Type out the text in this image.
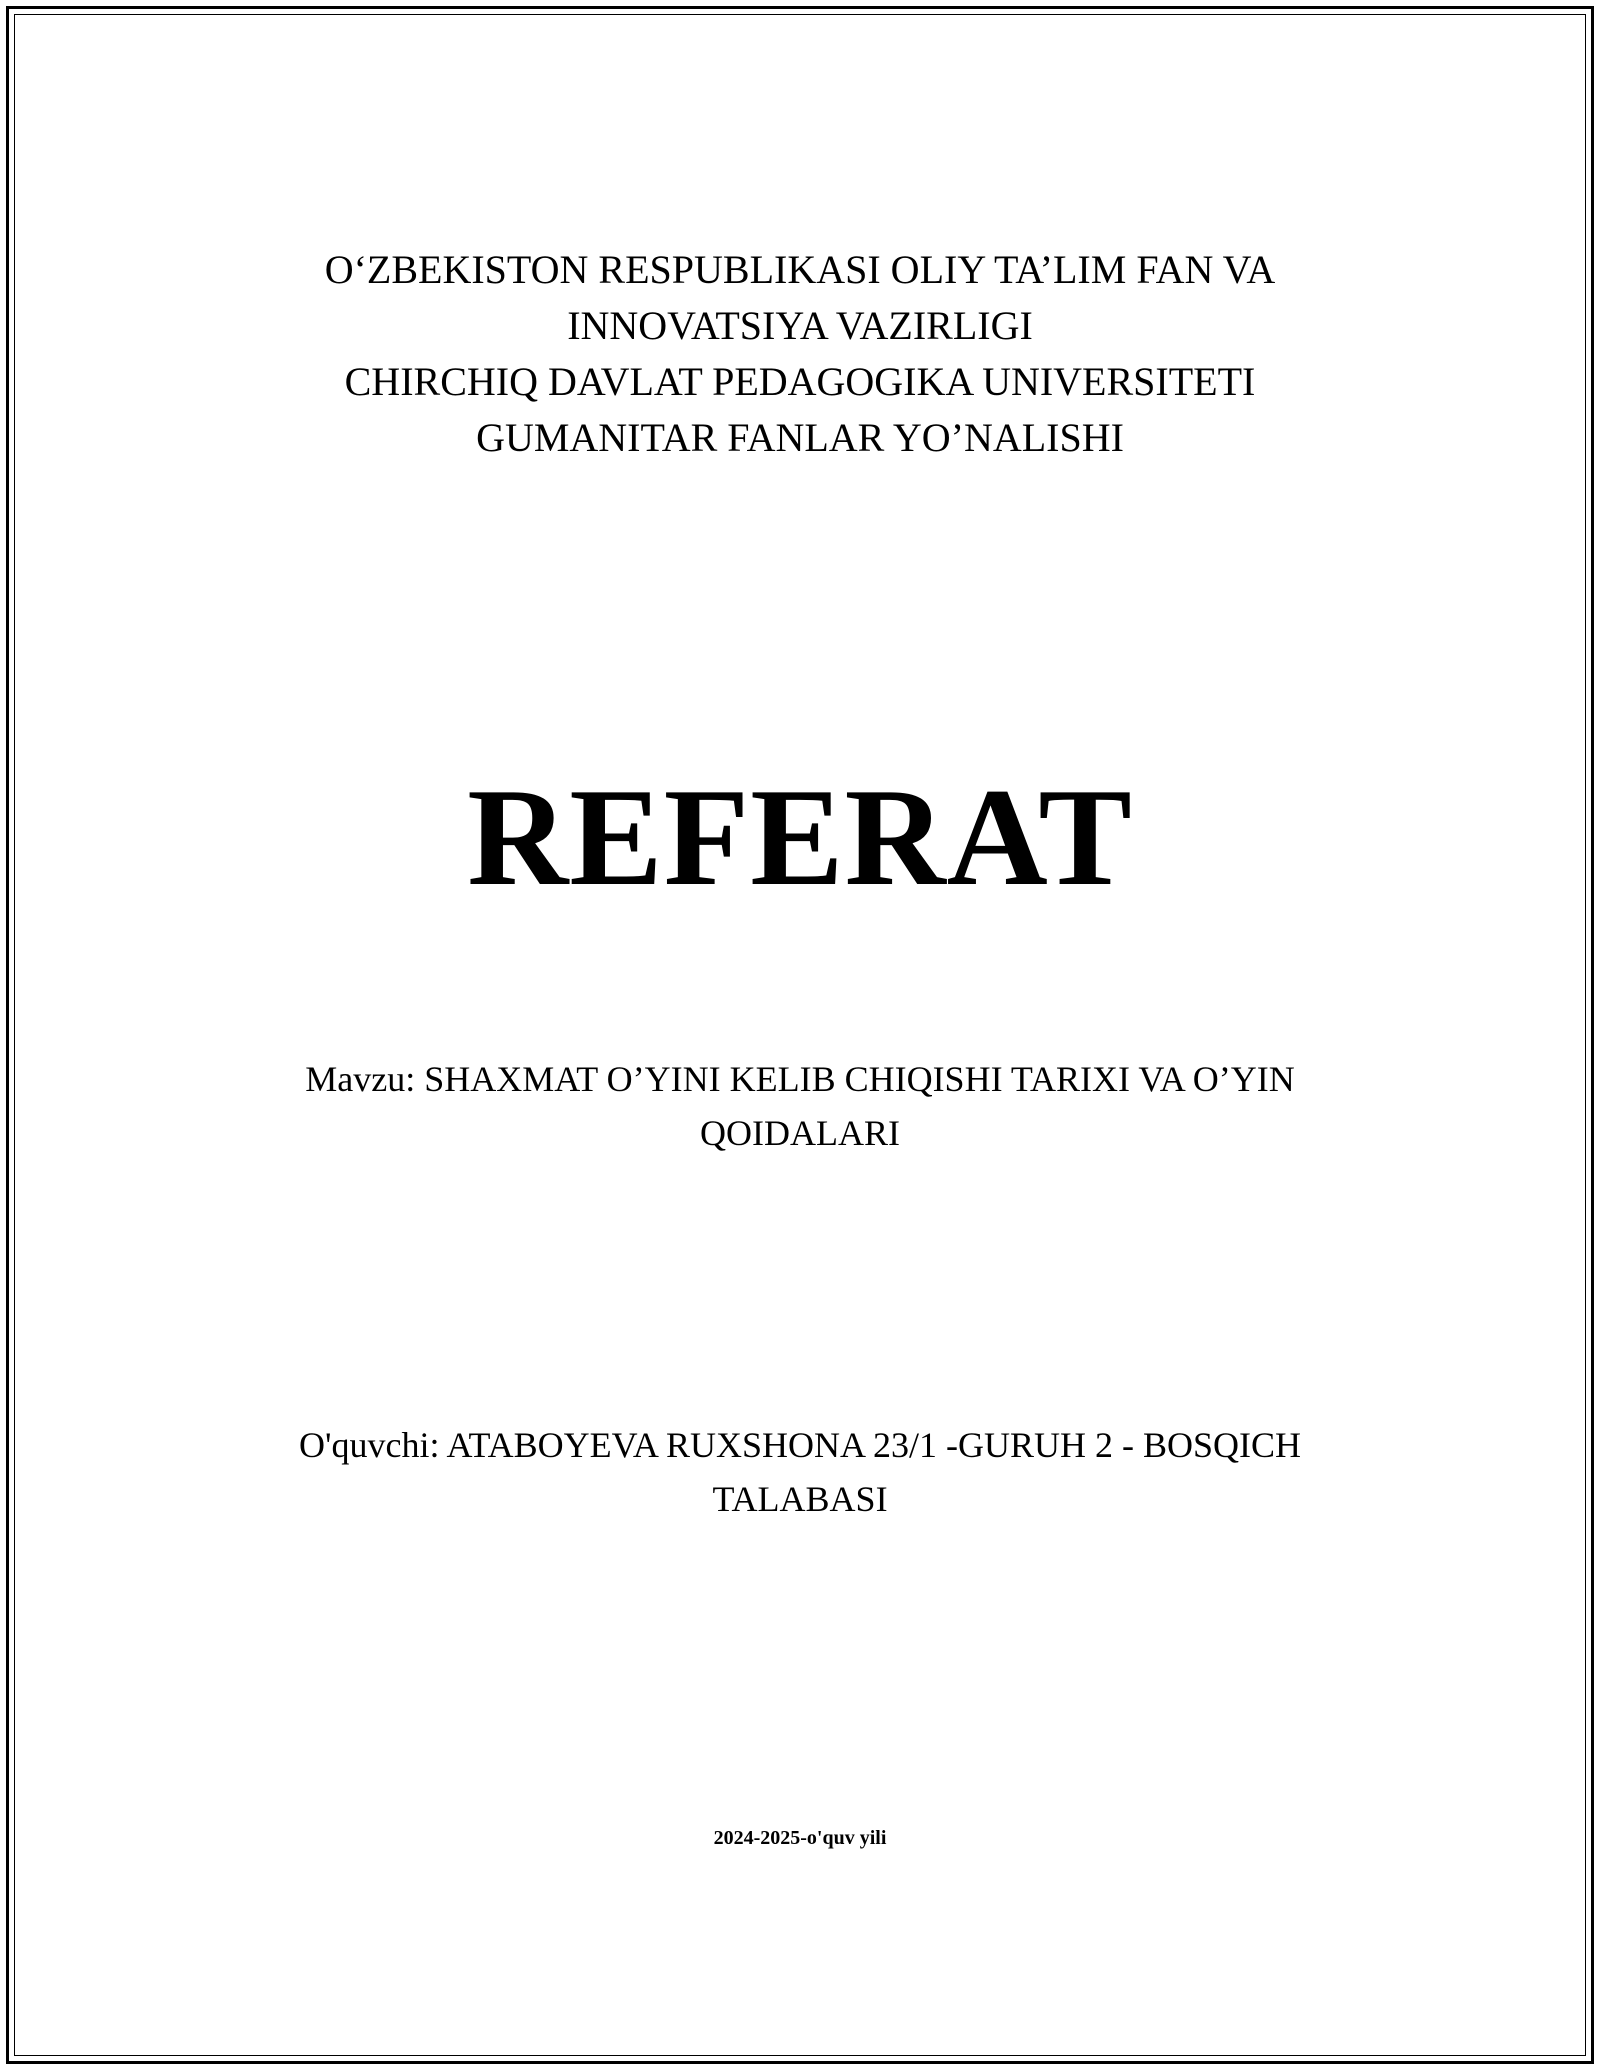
O‘ZBEKISTON RESPUBLIKASI OLIY TA’LIM FAN VA
INNOVATSIYA VAZIRLIGI
CHIRCHIQ DAVLAT PEDAGOGIKA UNIVERSITETI
GUMANITAR FANLAR YO’NALISHI
REFERAT
Mavzu: SHAXMAT O’YINI KELIB CHIQISHI TARIXI VA O’YIN
QOIDALARI
O'quvchi: ATABOYEVA RUXSHONA 23/1 -GURUH 2 - BOSQICH
TALABASI
2024-2025-o'quv yili
